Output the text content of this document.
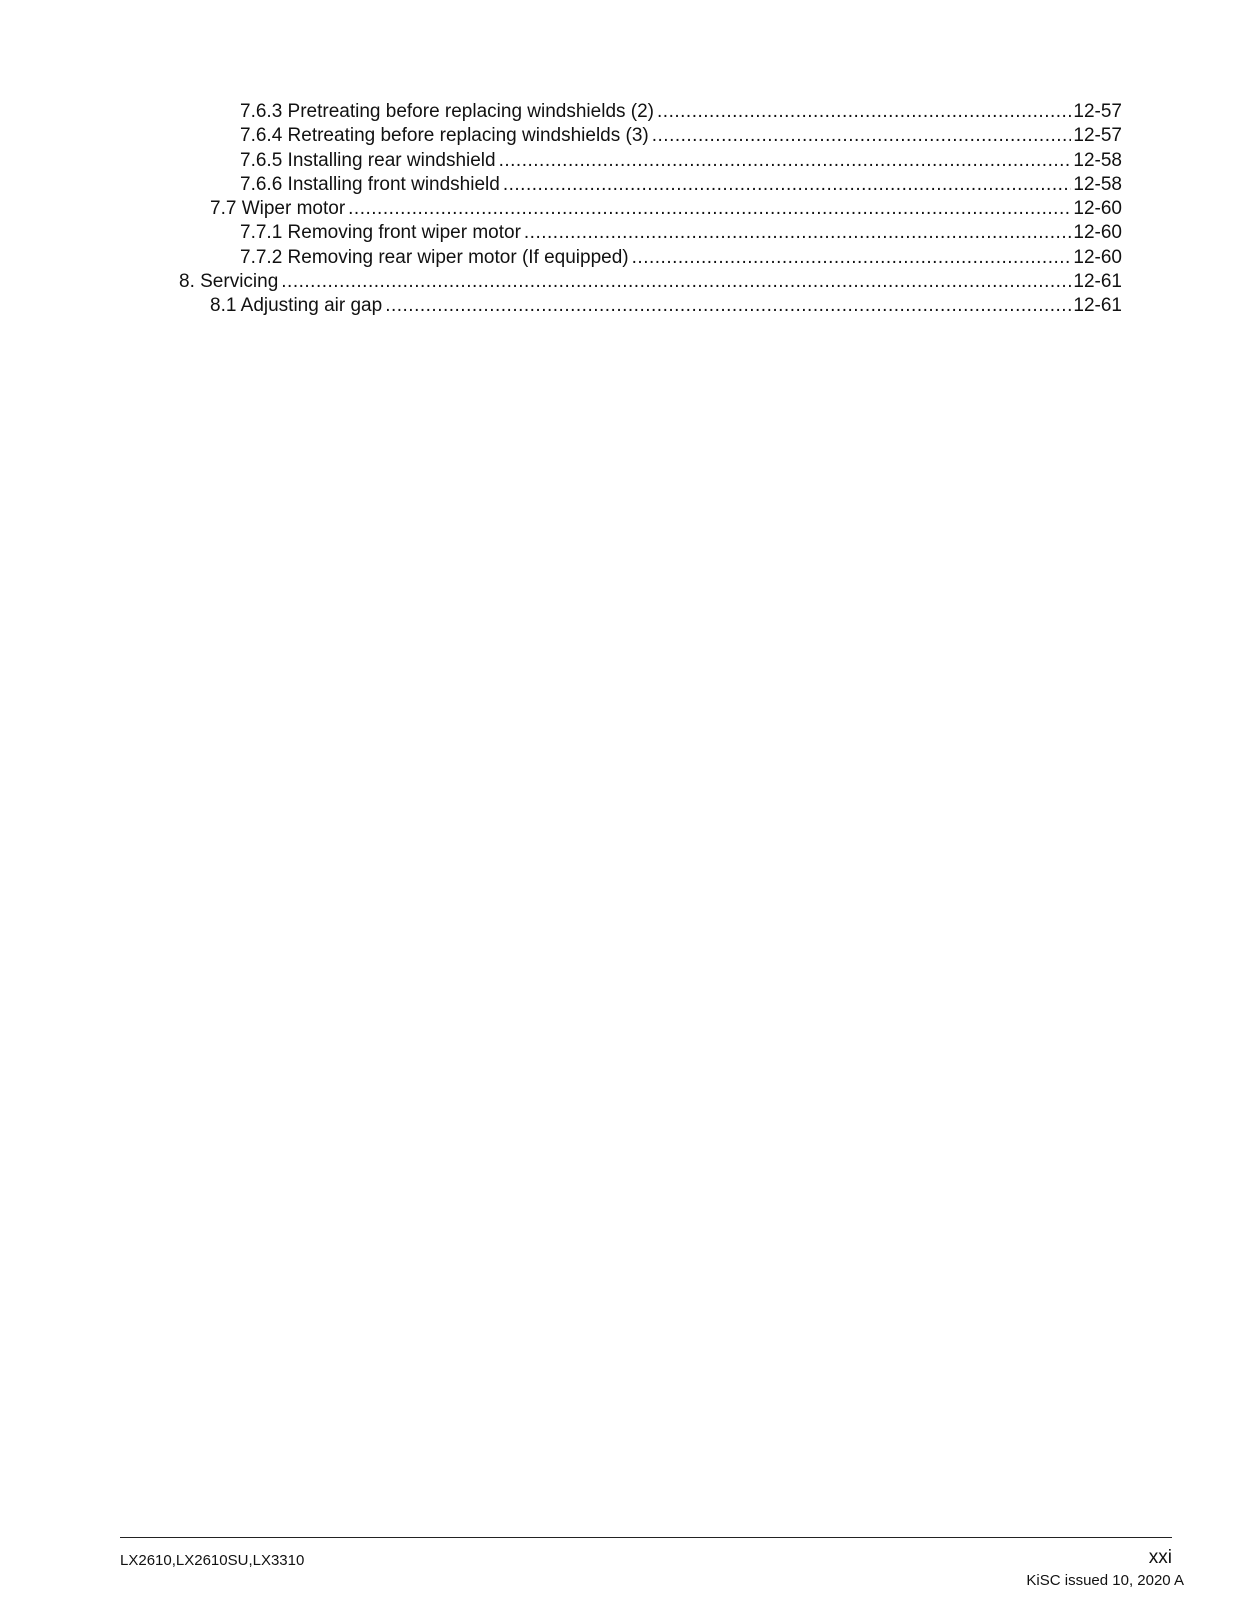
7.6.3 Pretreating before replacing windshields (2) .....	12-57
7.6.4 Retreating before replacing windshields (3) .....	12-57
7.6.5 Installing rear windshield .....	12-58
7.6.6 Installing front windshield .....	12-58
7.7 Wiper motor .....	12-60
7.7.1 Removing front wiper motor .....	12-60
7.7.2 Removing rear wiper motor (If equipped) .....	12-60
8. Servicing .....	12-61
8.1 Adjusting air gap .....	12-61
LX2610,LX2610SU,LX3310	xxi
KiSC issued 10, 2020 A
